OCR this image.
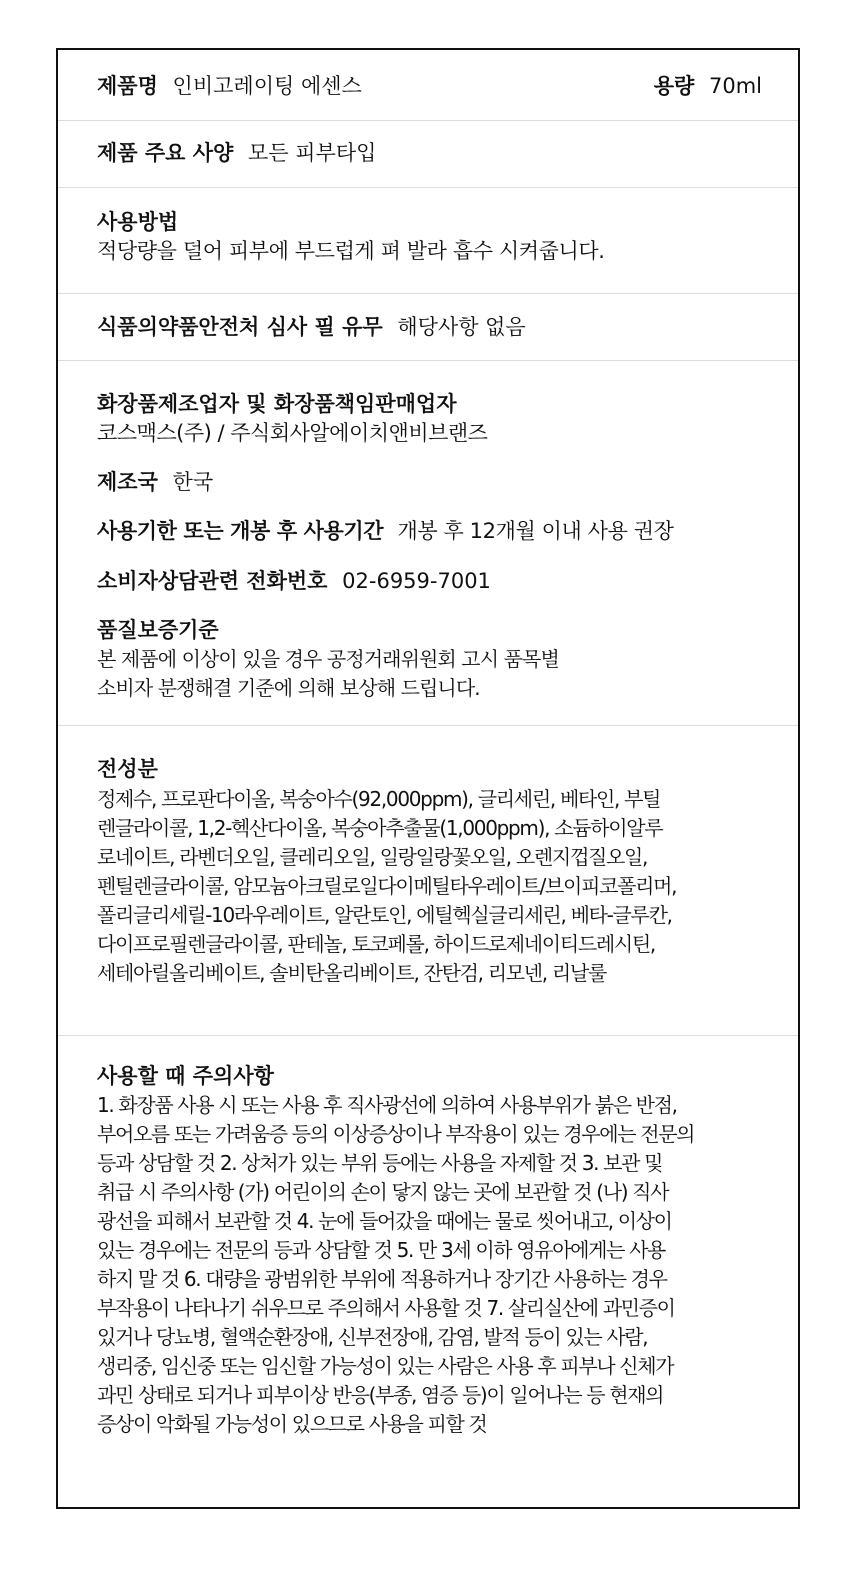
제품명 인비고레이팅 에센스	용량 70ml
제품 주요 사양 모든 피부타입
사용방법
적당량을 덜어 피부에 부드럽게 펴 발라 흡수 시켜줍니다.
식품의약품안전처 심사 필 유무 해당사항 없음
화장품제조업자 및 화장품책임판매업자
코스맥스(주) / 주식회사알에이치앤비브랜즈
제조국 한국
사용기한 또는 개봉 후 사용기간 개봉 후 12개월 이내 사용 권장
소비자상담관련 전화번호 02-6959-7001
품질보증기준
본 제품에 이상이 있을 경우 공정거래위원회 고시 품목별
소비자 분쟁해결 기준에 의해 보상해 드립니다.
전성분
정제수, 프로판다이올, 복숭아수(92,000ppm), 글리세린, 베타인, 부틸
렌글라이콜, 1,2-헥산다이올, 복숭아추출물(1,000ppm), 소듐하이알루
로네이트, 라벤더오일, 클레리오일, 일랑일랑꽃오일, 오렌지껍질오일,
펜틸렌글라이콜, 암모늄아크릴로일다이메틸타우레이트/브이피코폴리머,
폴리글리세릴-10라우레이트, 알란토인, 에틸헥실글리세린, 베타-글루칸,
다이프로필렌글라이콜, 판테놀, 토코페롤, 하이드로제네이티드레시틴,
세테아릴올리베이트, 솔비탄올리베이트, 잔탄검, 리모넨, 리날룰
사용할 때 주의사항
1. 화장품 사용 시 또는 사용 후 직사광선에 의하여 사용부위가 붉은 반점,
부어오름 또는 가려움증 등의 이상증상이나 부작용이 있는 경우에는 전문의
등과 상담할 것 2. 상처가 있는 부위 등에는 사용을 자제할 것 3. 보관 및
취급 시 주의사항 (가) 어린이의 손이 닿지 않는 곳에 보관할 것 (나) 직사
광선을 피해서 보관할 것 4. 눈에 들어갔을 때에는 물로 씻어내고, 이상이
있는 경우에는 전문의 등과 상담할 것 5. 만 3세 이하 영유아에게는 사용
하지 말 것 6. 대량을 광범위한 부위에 적용하거나 장기간 사용하는 경우
부작용이 나타나기 쉬우므로 주의해서 사용할 것 7. 살리실산에 과민증이
있거나 당뇨병, 혈액순환장애, 신부전장애, 감염, 발적 등이 있는 사람,
생리중, 임신중 또는 임신할 가능성이 있는 사람은 사용 후 피부나 신체가
과민 상태로 되거나 피부이상 반응(부종, 염증 등)이 일어나는 등 현재의
증상이 악화될 가능성이 있으므로 사용을 피할 것
